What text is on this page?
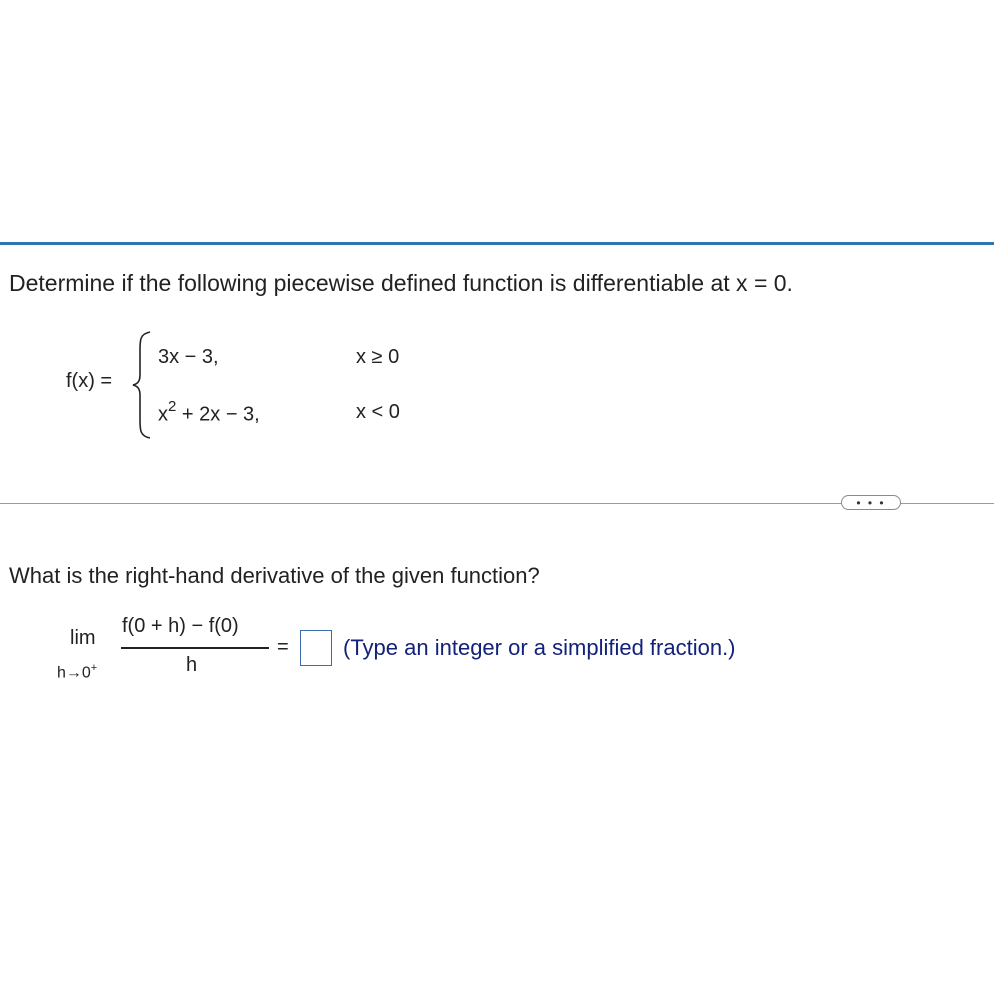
Determine if the following piecewise defined function is differentiable at x = 0.
f(x) =
3x − 3,	x ≥ 0
$x^2 + 2x - 3$,	x < 0
• • •
What is the right-hand derivative of the given function?
lim
h→0+
f(0 + h) − f(0)
h
= (Type an integer or a simplified fraction.)
